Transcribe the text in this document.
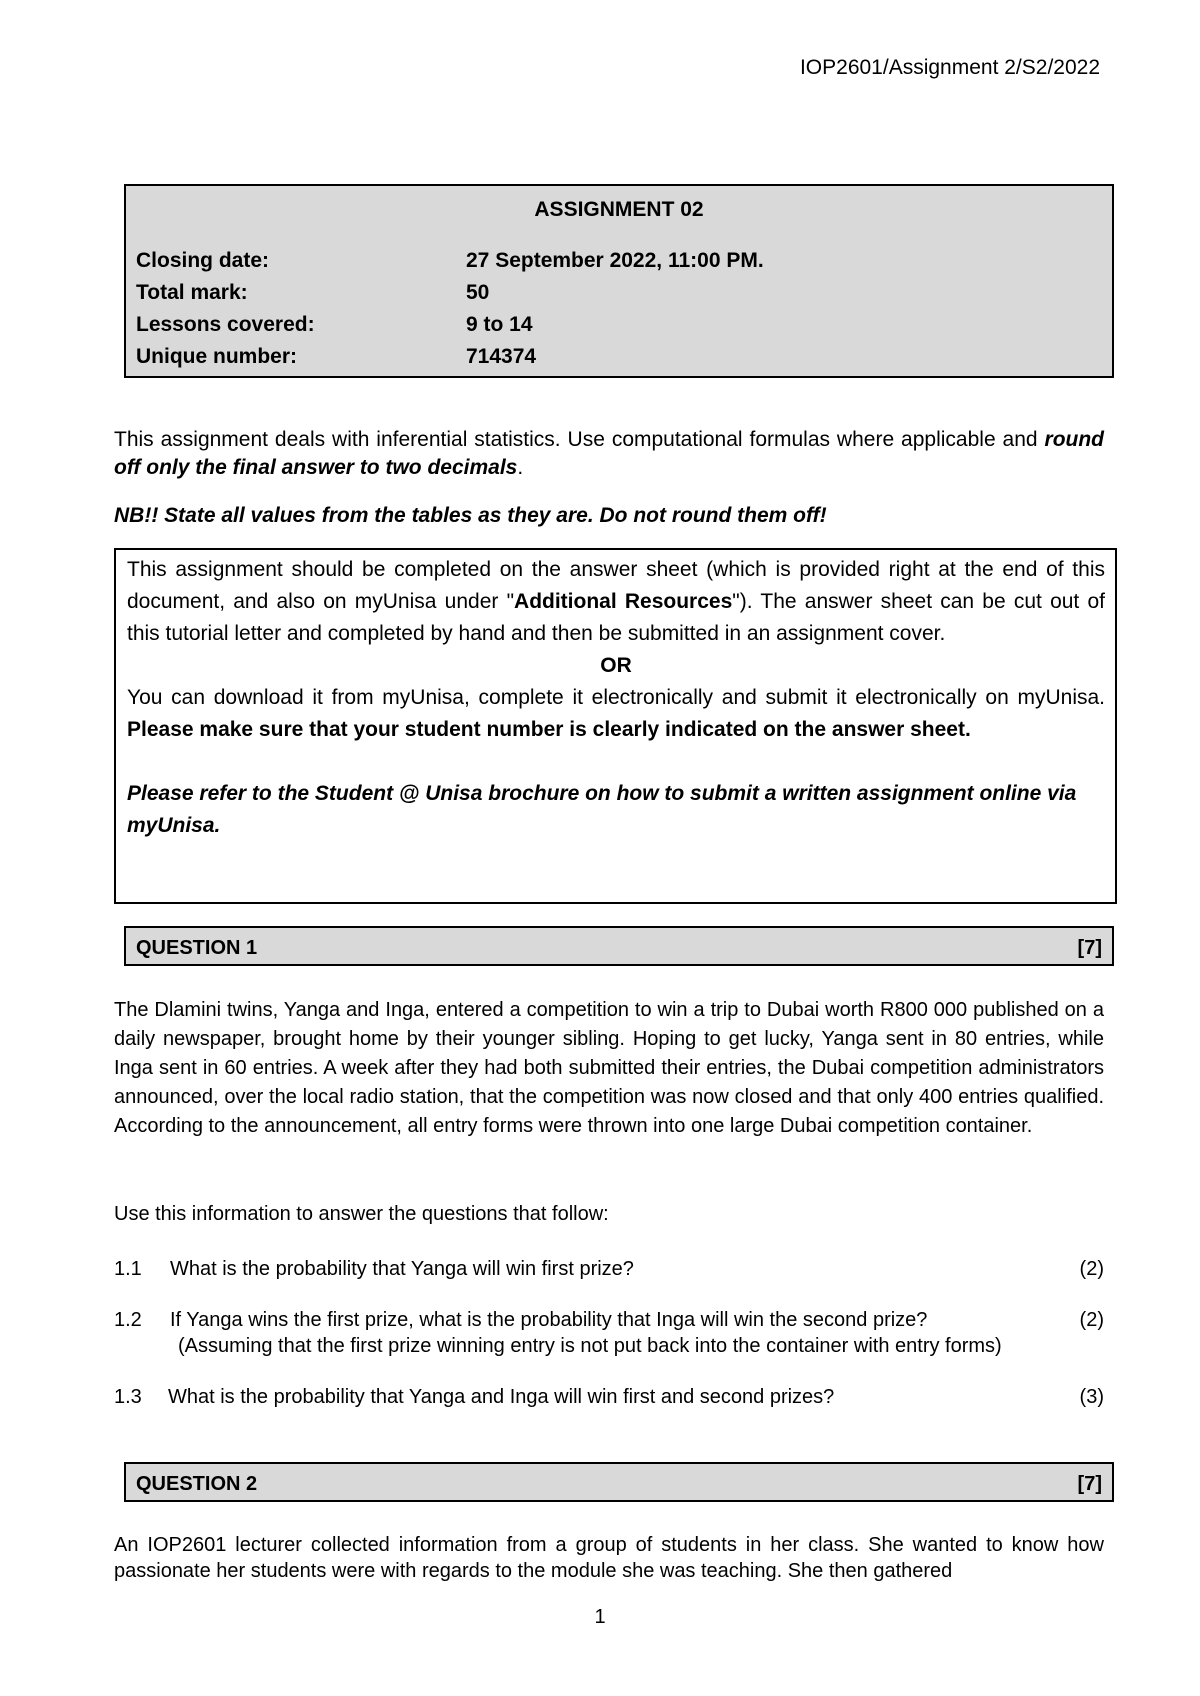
IOP2601/Assignment 2/S2/2022
ASSIGNMENT 02
Closing date:	27 September 2022, 11:00 PM.
Total mark:	50
Lessons covered:	9 to 14
Unique number:	714374
This assignment deals with inferential statistics. Use computational formulas where applicable and round off only the final answer to two decimals.
NB!! State all values from the tables as they are. Do not round them off!

This assignment should be completed on the answer sheet (which is provided right at the end of this document, and also on myUnisa under "Additional Resources"). The answer sheet can be cut out of this tutorial letter and completed by hand and then be submitted in an assignment cover.

OR

You can download it from myUnisa, complete it electronically and submit it electronically on myUnisa. Please make sure that your student number is clearly indicated on the answer sheet.

Please refer to the Student @ Unisa brochure on how to submit a written assignment online via myUnisa.

QUESTION 1	[7]
The Dlamini twins, Yanga and Inga, entered a competition to win a trip to Dubai worth R800 000 published on a daily newspaper, brought home by their younger sibling. Hoping to get lucky, Yanga sent in 80 entries, while Inga sent in 60 entries. A week after they had both submitted their entries, the Dubai competition administrators announced, over the local radio station, that the competition was now closed and that only 400 entries qualified. According to the announcement, all entry forms were thrown into one large Dubai competition container.
Use this information to answer the questions that follow:
1.1 What is the probability that Yanga will win first prize?	(2)
1.2 If Yanga wins the first prize, what is the probability that Inga will win the second prize?	(2)
(Assuming that the first prize winning entry is not put back into the container with entry forms)
1.3 What is the probability that Yanga and Inga will win first and second prizes?	(3)
QUESTION 2	[7]
An IOP2601 lecturer collected information from a group of students in her class. She wanted to know how passionate her students were with regards to the module she was teaching. She then gathered
1
